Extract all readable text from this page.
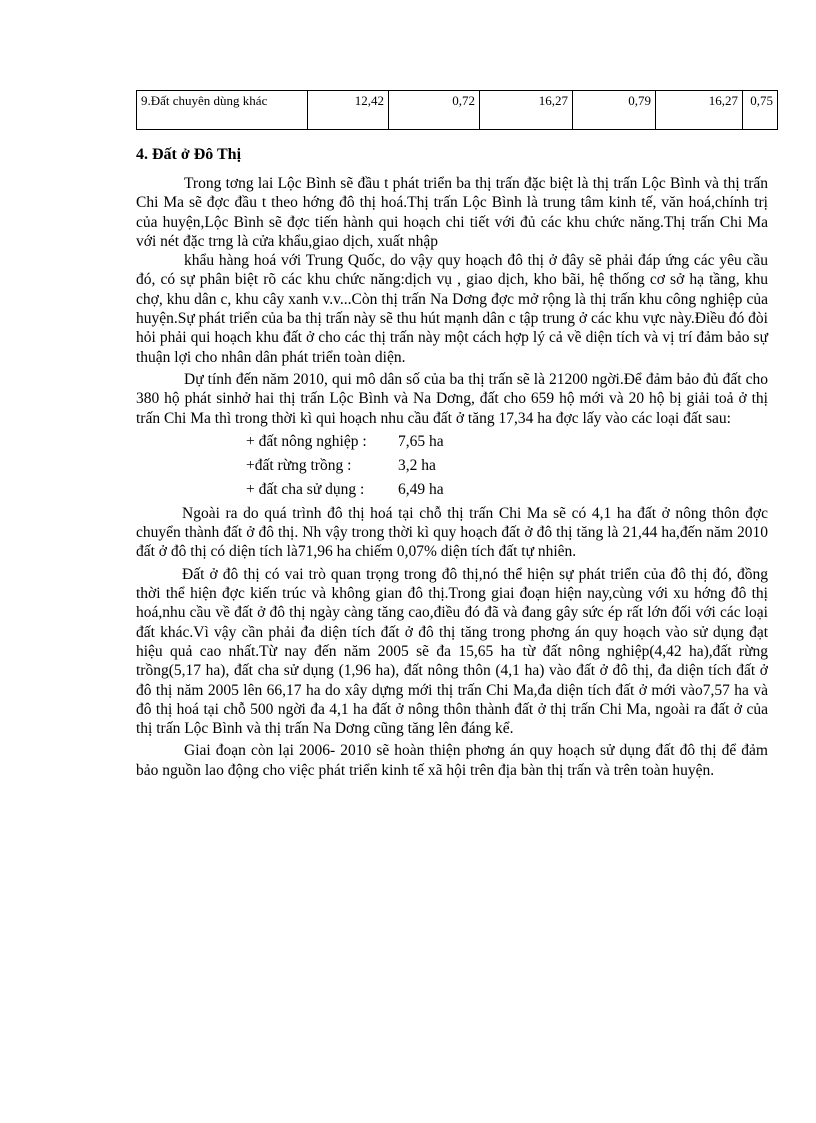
9.Đất chuyên dùng khác	12,42	0,72	16,27	0,79	16,27	0,75
4. Đất ở Đô Thị

Trong tơng lai Lộc Bình sẽ đầu t phát triển ba thị trấn đặc biệt là thị trấn Lộc Bình và thị trấn Chi Ma sẽ đợc đầu t theo hớng đô thị hoá.Thị trấn Lộc Bình là trung tâm kinh tế, văn hoá,chính trị của huyện,Lộc Bình sẽ đợc tiến hành qui hoạch chi tiết với đủ các khu chức năng.Thị trấn Chi Ma với nét đặc trng là cửa khẩu,giao dịch, xuất nhập

khẩu hàng hoá với Trung Quốc, do vậy quy hoạch đô thị ở đây sẽ phải đáp ứng các yêu cầu đó, có sự phân biệt rõ các khu chức năng:dịch vụ , giao dịch, kho bãi, hệ thống cơ sở hạ tầng, khu chợ, khu dân c, khu cây xanh v.v...Còn thị trấn Na Dơng đợc mở rộng là thị trấn khu công nghiệp của huyện.Sự phát triển của ba thị trấn này sẽ thu hút mạnh dân c tập trung ở các khu vực này.Điều đó đòi hỏi phải qui hoạch khu đất ở cho các thị trấn này một cách hợp lý cả về diện tích và vị trí đảm bảo sự thuận lợi cho nhân dân phát triển toàn diện.

Dự tính đến năm 2010, qui mô dân số của ba thị trấn sẽ là 21200 ngời.Để đảm bảo đủ đất cho 380 hộ phát sinhở hai thị trấn Lộc Bình và Na Dơng, đất cho 659 hộ mới và 20 hộ bị giải toả ở thị trấn Chi Ma thì trong thời kì qui hoạch nhu cầu đất ở tăng 17,34 ha đợc lấy vào các loại đất sau:

+ đất nông nghiệp :	7,65 ha
+đất rừng trồng :	3,2 ha
+ đất cha sử dụng :	6,49 ha

Ngoài ra do quá trình đô thị hoá tại chỗ thị trấn Chi Ma sẽ có 4,1 ha đất ở nông thôn đợc chuyển thành đất ở đô thị. Nh vậy trong thời kì quy hoạch đất ở đô thị tăng là 21,44 ha,đến năm 2010 đất ở đô thị có diện tích là71,96 ha chiếm 0,07% diện tích đất tự nhiên.

Đất ở đô thị có vai trò quan trọng trong đô thị,nó thể hiện sự phát triển của đô thị đó, đồng thời thể hiện đợc kiến trúc và không gian đô thị.Trong giai đoạn hiện nay,cùng với xu hớng đô thị hoá,nhu cầu về đất ở đô thị ngày càng tăng cao,điều đó đã và đang gây sức ép rất lớn đối với các loại đất khác.Vì vậy cần phải đa diện tích đất ở đô thị tăng trong phơng án quy hoạch vào sử dụng đạt hiệu quả cao nhất.Từ nay đến năm 2005 sẽ đa 15,65 ha từ đất nông nghiệp(4,42 ha),đất rừng trồng(5,17 ha), đất cha sử dụng (1,96 ha), đất nông thôn (4,1 ha) vào đất ở đô thị, đa diện tích đất ở đô thị năm 2005 lên 66,17 ha do xây dựng mới thị trấn Chi Ma,đa diện tích đất ở mới vào7,57 ha và đô thị hoá tại chỗ 500 ngời đa 4,1 ha đất ở nông thôn thành đất ở thị trấn Chi Ma, ngoài ra đất ở của thị trấn Lộc Bình và thị trấn Na Dơng cũng tăng lên đáng kể.

Giai đoạn còn lại 2006- 2010 sẽ hoàn thiện phơng án quy hoạch sử dụng đất đô thị để đảm bảo nguồn lao động cho việc phát triển kinh tế xã hội trên địa bàn thị trấn và trên toàn huyện.
